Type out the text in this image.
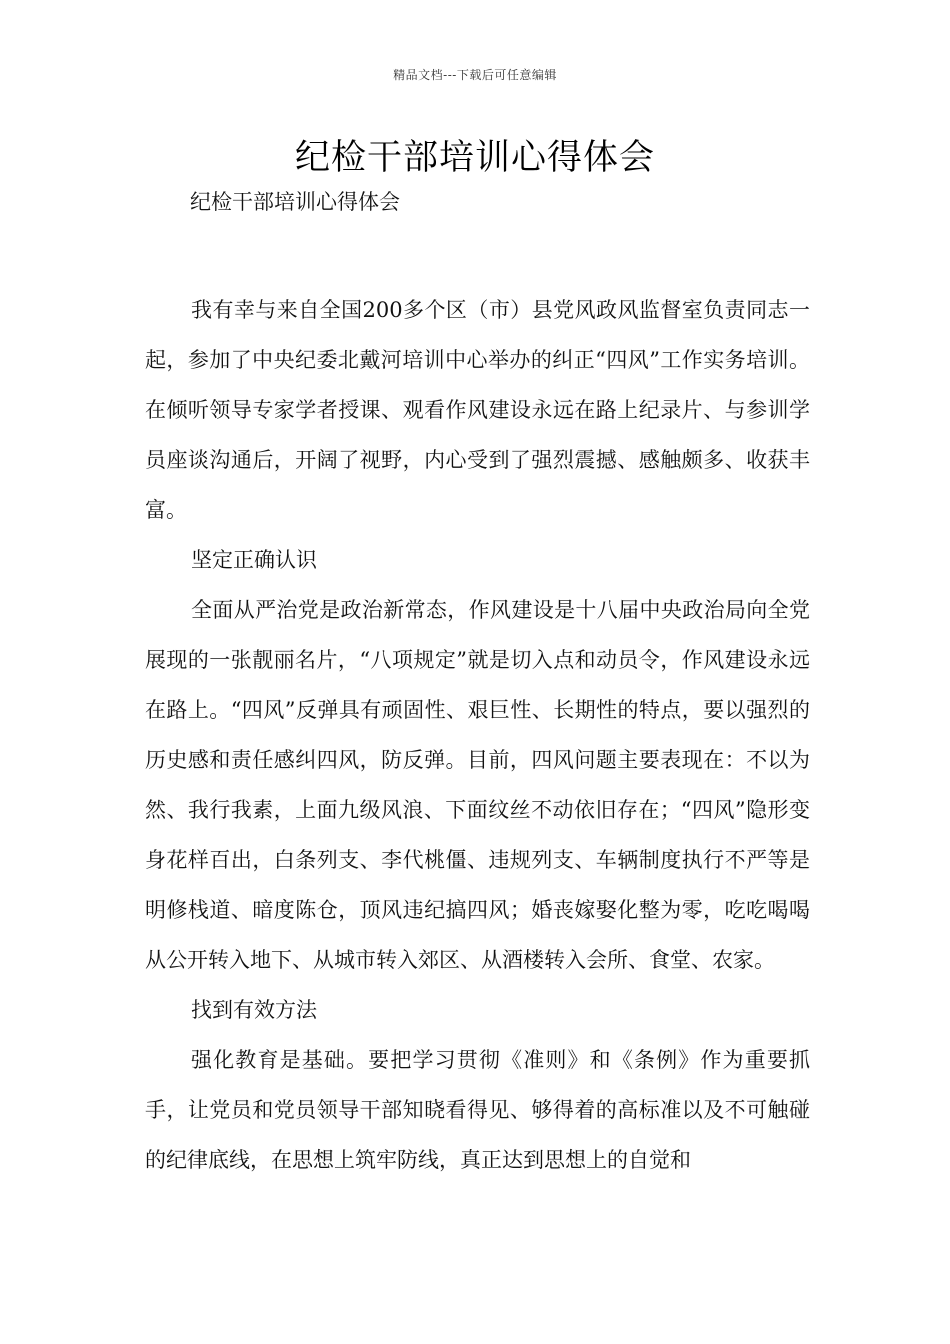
精品文档---下载后可任意编辑
纪检干部培训心得体会

纪检干部培训心得体会

我有幸与来自全国200多个区（市）县党风政风监督室负责同志一起，参加了中央纪委北戴河培训中心举办的纠正“四风”工作实务培训。在倾听领导专家学者授课、观看作风建设永远在路上纪录片、与参训学员座谈沟通后，开阔了视野，内心受到了强烈震撼、感触颇多、收获丰富。

坚定正确认识

全面从严治党是政治新常态，作风建设是十八届中央政治局向全党展现的一张靓丽名片，“八项规定”就是切入点和动员令，作风建设永远在路上。“四风”反弹具有顽固性、艰巨性、长期性的特点，要以强烈的历史感和责任感纠四风，防反弹。目前，四风问题主要表现在：不以为然、我行我素，上面九级风浪、下面纹丝不动依旧存在；“四风”隐形变身花样百出，白条列支、李代桃僵、违规列支、车辆制度执行不严等是明修栈道、暗度陈仓，顶风违纪搞四风；婚丧嫁娶化整为零，吃吃喝喝从公开转入地下、从城市转入郊区、从酒楼转入会所、食堂、农家。

找到有效方法

强化教育是基础。要把学习贯彻《准则》和《条例》作为重要抓手，让党员和党员领导干部知晓看得见、够得着的高标准以及不可触碰的纪律底线，在思想上筑牢防线，真正达到思想上的自觉和
